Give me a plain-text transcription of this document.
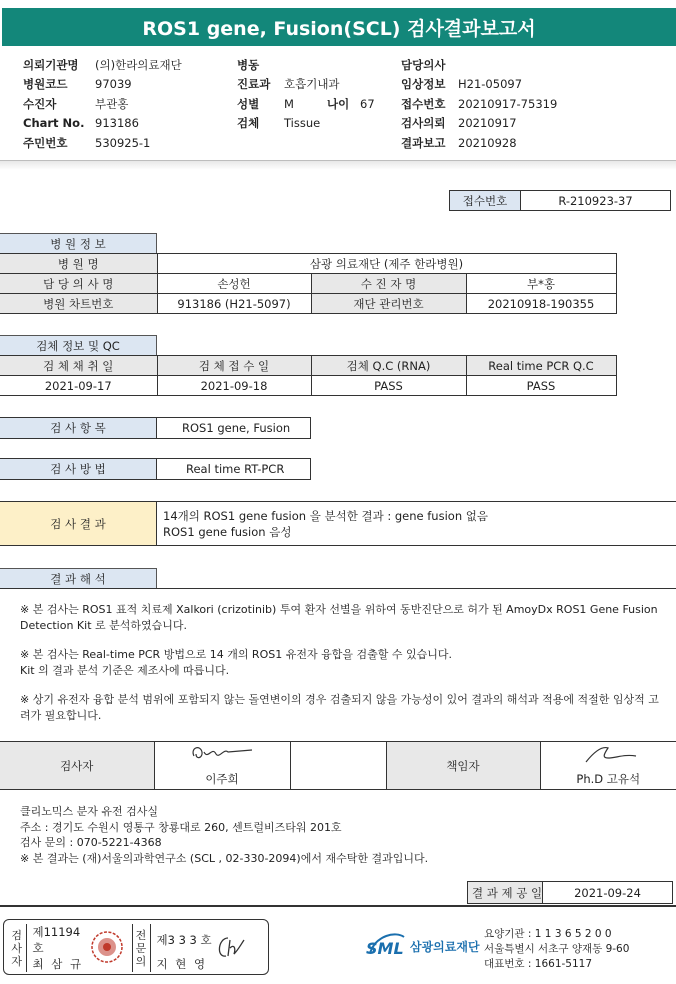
ROS1 gene, Fusion(SCL) 검사결과보고서
의뢰기관명	(의)한라의료재단
병원코드	97039
수진자	부관홍
Chart No.	913186
주민번호	530925-1
병동			
진료과	호흡기내과		
성별	M	나이	67
검체	Tissue		
담당의사	
임상정보	H21-05097
접수번호	20210917-75319
검사의뢰	20210917
결과보고	20210928
접수번호	R-210923-37
병 원 정 보
병 원 명	삼광 의료재단 (제주 한라병원)		
담 당 의 사 명	손성헌	수 진 자 명	부*홍
병원 차트번호	913186 (H21-5097)	재단 관리번호	20210918-190355
검체 정보 및 QC
검 체 채 취 일	검 체 접 수 일	검체 Q.C (RNA)	Real time PCR Q.C
2021-09-17	2021-09-18	PASS	PASS
검 사 항 목	ROS1 gene, Fusion
검 사 방 법	Real time RT-PCR
검 사 결 과
14개의 ROS1 gene fusion 을 분석한 결과 : gene fusion 없음
ROS1 gene fusion 음성
결 과 해 석

※ 본 검사는 ROS1 표적 치료제 Xalkori (crizotinib) 투여 환자 선별을 위하여 동반진단으로 허가 된 AmoyDx ROS1 Gene Fusion Detection Kit 로 분석하였습니다.

※ 본 검사는 Real-time PCR 방법으로 14 개의 ROS1 유전자 융합을 검출할 수 있습니다.

Kit 의 결과 분석 기준은 제조사에 따릅니다.

※ 상기 유전자 융합 분석 범위에 포함되지 않는 돌연변이의 경우 검출되지 않을 가능성이 있어 결과의 해석과 적용에 적절한 임상적 고려가 필요합니다.

검사자			책임자	
	이주희			Ph.D 고유석

클리노믹스 분자 유전 검사실

주소 : 경기도 수원시 영통구 창룡대로 260, 센트럴비즈타워 201호

검사 문의 : 070-5221-4368

※ 본 결과는 (재)서울의과학연구소 (SCL , 02-330-2094)에서 재수탁한 결과입니다.

결 과 제 공 일	2021-09-24
검사자	제11194호		전문의	제3 3 3 호	
	최 삼 규			지 현 영	
SML 삼광의료재단
요양기관 : 1 1 3 6 5 2 0 0
서울특별시 서초구 양재동 9-60
대표번호 : 1661-5117
